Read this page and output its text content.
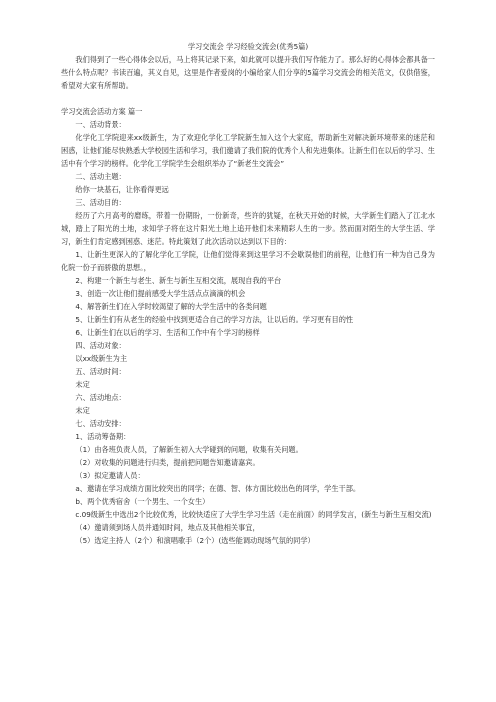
学习交流会 学习经验交流会(优秀5篇)
我们得到了一些心得体会以后，马上将其记录下来，如此就可以提升我们写作能力了。那么好的心得体会都具备一些什么特点呢？书读百遍，其义自见，这里是作者爱岗的小编给家人们分享的5篇学习交流会的相关范文，仅供借鉴，希望对大家有所帮助。
学习交流会活动方案 篇一
一、活动背景：
化学化工学院迎来xx级新生，为了欢迎化学化工学院新生加入这个大家庭，帮助新生对解决新环境带来的迷茫和困惑，让他们能尽快熟悉大学校园生活和学习，我们邀请了我们院的优秀个人和先进集体。让新生们在以后的学习、生活中有个学习的榜样。化学化工学院学生会组织举办了“新老生交流会”
二、活动主题：
给你一块基石，让你看得更远
三、活动目的：
经历了六月高考的磨练，带着一份期盼，一份新奇，些许的犹疑，在秋天开始的时候，大学新生们踏入了江北水城，踏上了阳光的土地，求知学子将在这片阳光土地上追开他们未来精彩人生的一步。然而面对陌生的大学生活、学习，新生们肯定感到困惑、迷茫。特此策划了此次活动以达到以下目的：
1、让新生更深入的了解化学化工学院，让他们觉得来到这里学习不会歇误他们的前程，让他们有一种为自己身为化院一份子而骄傲的思想。，
2、构建一个新生与老生、新生与新生互相交流，展现自我的平台
3、创造一次让他们提前感受大学生活点点滴滴的机会
4、解答新生们在入学时较渴望了解的大学生活中的各类问题
5、让新生们有从老生的经验中找到更适合自己的学习方法，让以后的。学习更有目的性
6、让新生们在以后的学习、生活和工作中有个学习的榜样
四、活动对象：
以xx级新生为主
五、活动时间：
未定
六、活动地点：
未定
七、活动安排：
1、活动筹备期：
（1）由各班负责人员，了解新生初入大学碰到的问题，收集有关问题。
（2）对收集的问题进行归类，提前把问题告知邀请嘉宾。
（3）拟定邀请人员：
a、邀请在学习成绩方面比较突出的同学；在德、智、体方面比较出色的同学，学生干部。
b、两个优秀宿舍（一个男生、一个女生）
c.09级新生中选出2个比较优秀，比较快适应了大学生学习生活（走在前面）的同学发言，(新生与新生互相交流)
（4）邀请须到场人员并通知时间，地点及其他相关事宜，
（5）选定主持人（2个）和演唱歌手（2个）(选些能调动现场气氛的同学）
